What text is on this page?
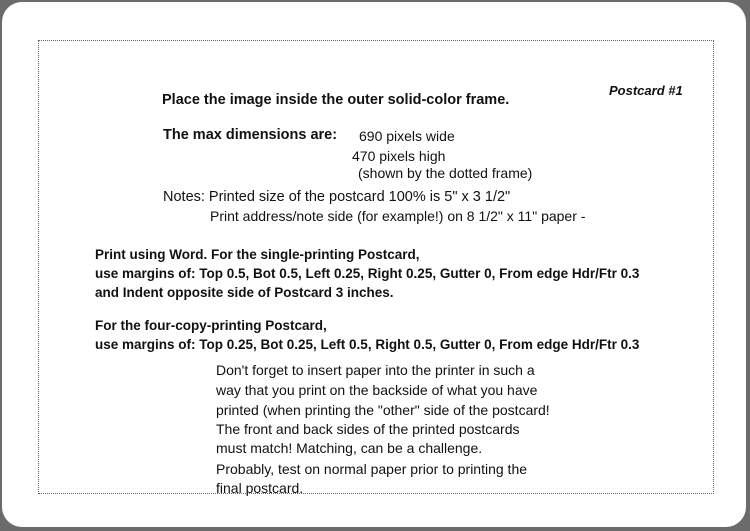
Postcard #1
Place the image inside the outer solid-color frame.
The max dimensions are: 690 pixels wide
470 pixels high
(shown by the dotted frame)
Notes: Printed size of the postcard 100% is 5" x 3 1/2"
Print address/note side (for example!) on 8 1/2" x 11" paper -
Print using Word. For the single-printing Postcard,
use margins of: Top 0.5, Bot 0.5, Left 0.25, Right 0.25, Gutter 0, From edge Hdr/Ftr 0.3
and Indent opposite side of Postcard 3 inches.
For the four-copy-printing Postcard,
use margins of: Top 0.25, Bot 0.25, Left 0.5, Right 0.5, Gutter 0, From edge Hdr/Ftr 0.3
Don't forget to insert paper into the printer in such a
way that you print on the backside of what you have
printed (when printing the "other" side of the postcard!
The front and back sides of the printed postcards
must match! Matching, can be a challenge.
Probably, test on normal paper prior to printing the
final postcard.
